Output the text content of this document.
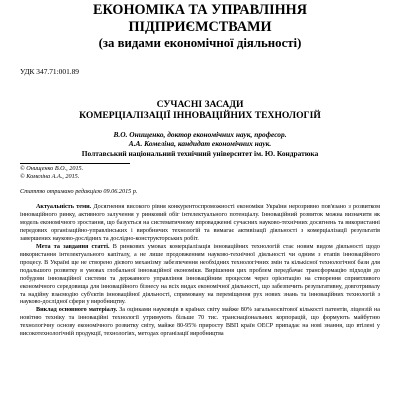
ЕКОНОМІКА ТА УПРАВЛІННЯ
ПІДПРИЄМСТВАМИ
(за видами економічної діяльності)
УДК 347.71:001.89
СУЧАСНІ ЗАСАДИ
КОМЕРЦІАЛІЗАЦІЇ ІННОВАЦІЙНИХ ТЕХНОЛОГІЙ
В.О. Онищенко, доктор економічних наук, професор.
А.А. Комеліна, кандидат економічних наук.
Полтавський національний технічний університет ім. Ю. Кондратюка
© Онищенко В.О., 2015.
© Комеліна А.А., 2015.
Статтю отримано редакцією 09.06.2015 р.

Актуальність теми. Досягнення високого рівня конкурентоспроможності економіки України нерозривно пов'язано з розвитком інноваційного ринку, активного залучення у ринковий обіг інтелектуального потенціалу. Інноваційний розвиток можна визначити як модель економічного зростання, що базується на систематичному впровадженні сучасних науково-технічних досягнень та використанні передових організаційно-управлінських і виробничих технологій та вимагає активізації діяльності з комерціалізації результатів завершених науково-дослідних та дослідно-конструкторських робіт.

Мета та завдання статті. В ринкових умовах комерціалізація інноваційних технологій стає новим видом діяльності щодо використання інтелектуального капіталу, а не лише продовженням науково-технічної діяльності чи одним з етапів інноваційного процесу. В Україні ще не створено дієвого механізму забезпечення необхідних технологічних змін та кількісної технологічної бази для подальшого розвитку в умовах глобальної інноваційної економіки. Вирішення цих проблем передбачає трансформацію підходів до побудови інноваційної системи та державного управління інноваційним процесом через орієнтацію на створення сприятливого економічного середовища для інноваційного бізнесу на всіх видах економічної діяльності, що забезпечить результативну, довготривалу та надійну взаємодію суб'єктів інноваційної діяльності, спрямовану на переміщення рух нових знань та інноваційних технологій з науково-дослідної сфери у виробництву.

Виклад основного матеріалу. За оцінками науковців в країнах світу майже 80% загальносвітової кількості патентів, ліцензій на новітню техніку та інноваційні технології утримують більше 70 тис. транснаціональних корпорацій, що формують майбутню технологічну основу економічного розвитку світу, майже 80-95% приросту ВВП країн ОЕСР припадає на нові знання, що втілені у високотехнологічній продукції, технологіях, методах організації виробництва
